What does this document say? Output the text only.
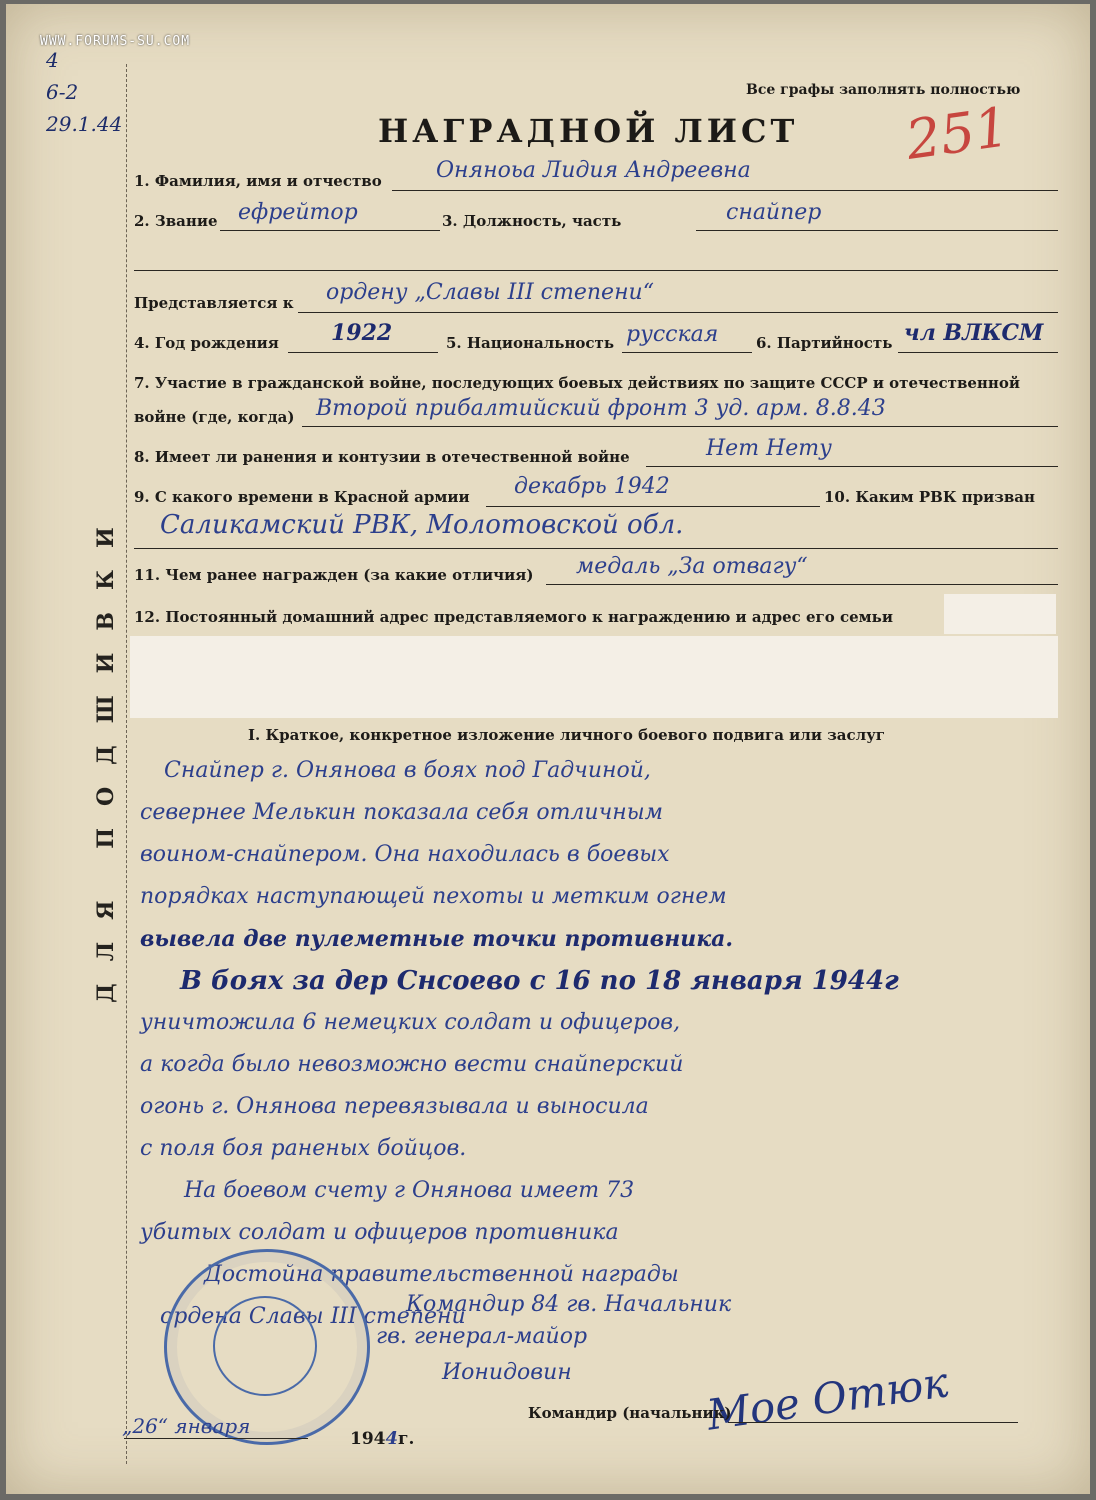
WWW.FORUMS-SU.COM
4
6-2
29.1.44
Все графы заполнять полностью
НАГРАДНОЙ ЛИСТ 251
ДЛЯ ПОДШИВКИ
1. Фамилия, имя и отчество Оняноьа Лидия Андреевна
2. Звание ефрейтор	3. Должность, часть	снайпер
Представляется к ордену „Славы III степени“
4. Год рождения 1922	5. Национальность русская	6. Партийность чл ВЛКСМ
7. Участие в гражданской войне, последующих боевых действиях по защите СССР и отечественной
войне (где, когда) Второй прибалтийский фронт 3 уд. арм. 8.8.43
8. Имеет ли ранения и контузии в отечественной войне	Нет Нету
9. С какого времени в Красной армии декабрь 1942	10. Каким РВК призван
Саликамский РВК, Молотовской обл.
11. Чем ранее награжден (за какие отличия) медаль „За отвагу“
12. Постоянный домашний адрес представляемого к награждению и адрес его семьи
I. Краткое, конкретное изложение личного боевого подвига или заслуг
Снайпер г. Онянова в боях под Гадчиной,
севернее Мелькин показала себя отличным
воином-снайпером. Она находилась в боевых
порядках наступающей пехоты и метким огнем
вывела две пулеметные точки противника.
В боях за дер Снсоево с 16 по 18 января 1944г
уничтожила 6 немецких солдат и офицеров,
а когда было невозможно вести снайперский
огонь г. Онянова перевязывала и выносила
с поля боя раненых бойцов.
На боевом счету г Онянова имеет 73
убитых солдат и офицеров противника
Достойна правительственной награды
ордена Славы III степени
Командир 84 гв. Начальник
гв. генерал-майор
Ионидовин	Мое Отюк
Командир (начальник)
„26“ января
1944г.
